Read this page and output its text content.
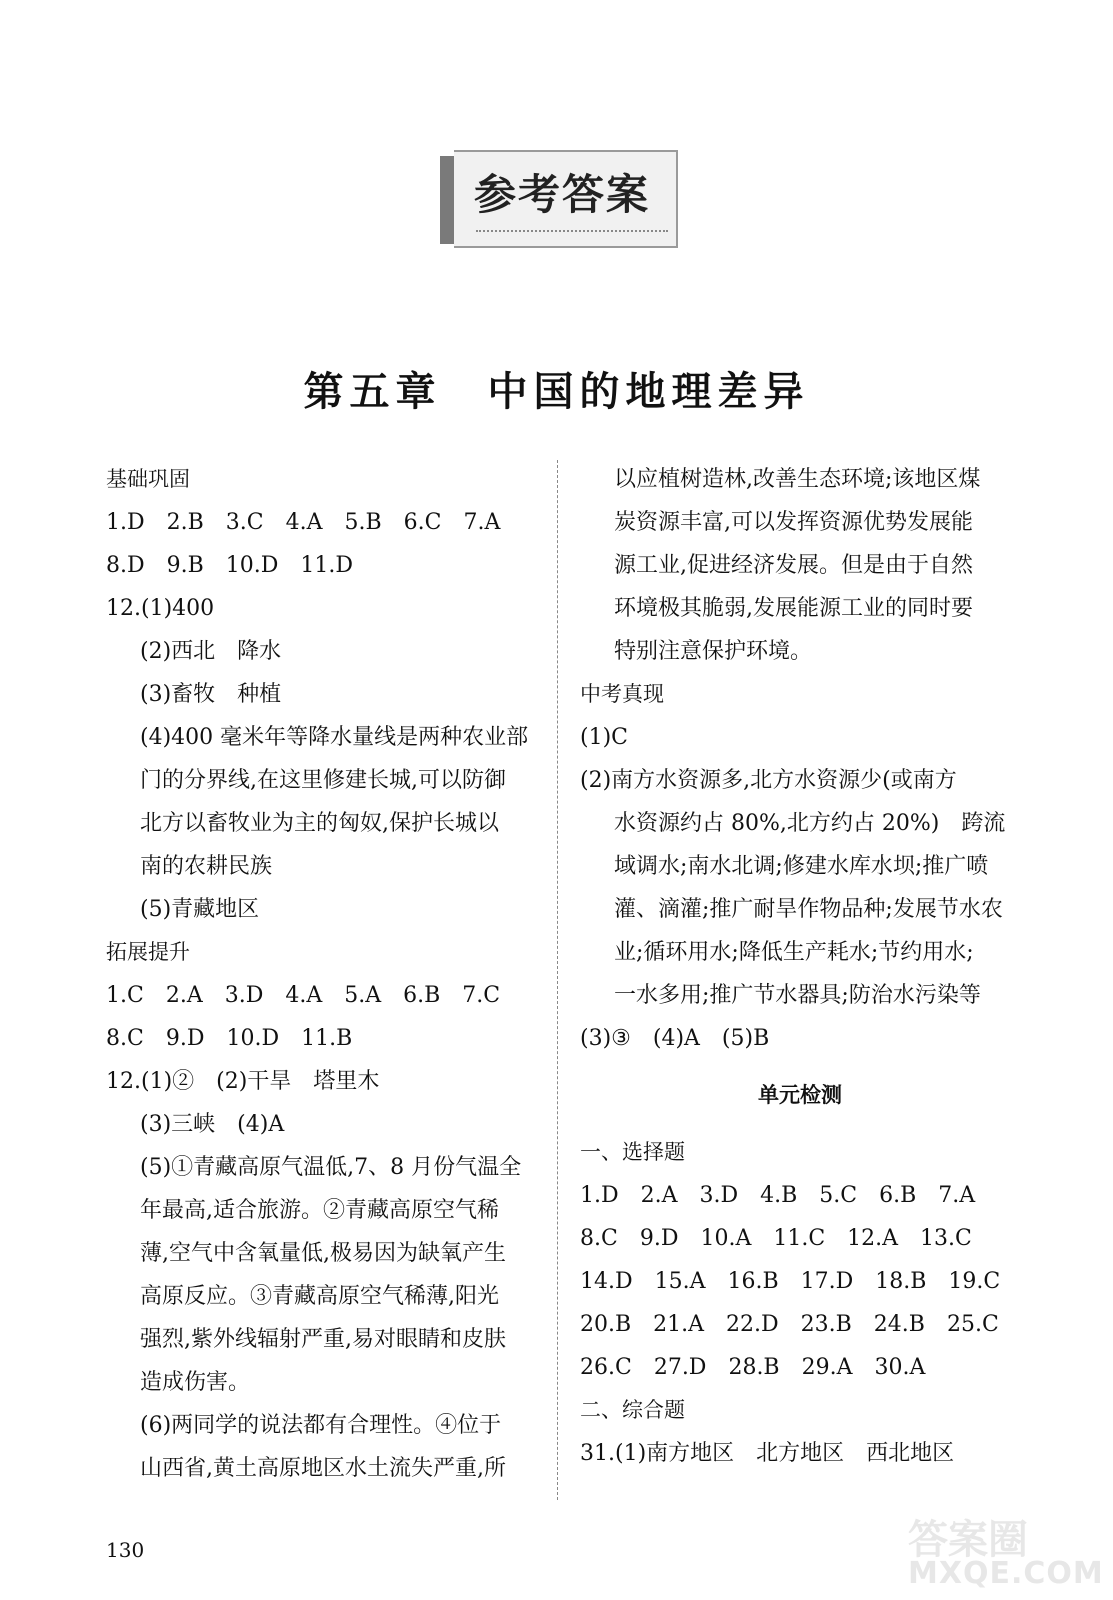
参考答案
第五章　中国的地理差异
基础巩固
1.D　2.B　3.C　4.A　5.B　6.C　7.A
8.D　9.B　10.D　11.D
12.(1)400
(2)西北　降水
(3)畜牧　种植
(4)400 毫米年等降水量线是两种农业部
门的分界线,在这里修建长城,可以防御
北方以畜牧业为主的匈奴,保护长城以
南的农耕民族
(5)青藏地区
拓展提升
1.C　2.A　3.D　4.A　5.A　6.B　7.C
8.C　9.D　10.D　11.B
12.(1)②　(2)干旱　塔里木
(3)三峡　(4)A
(5)①青藏高原气温低,7、8 月份气温全
年最高,适合旅游。②青藏高原空气稀
薄,空气中含氧量低,极易因为缺氧产生
高原反应。③青藏高原空气稀薄,阳光
强烈,紫外线辐射严重,易对眼睛和皮肤
造成伤害。
(6)两同学的说法都有合理性。④位于
山西省,黄土高原地区水土流失严重,所
以应植树造林,改善生态环境;该地区煤
炭资源丰富,可以发挥资源优势发展能
源工业,促进经济发展。但是由于自然
环境极其脆弱,发展能源工业的同时要
特别注意保护环境。
中考真现
(1)C
(2)南方水资源多,北方水资源少(或南方
水资源约占 80%,北方约占 20%)　跨流
域调水;南水北调;修建水库水坝;推广喷
灌、滴灌;推广耐旱作物品种;发展节水农
业;循环用水;降低生产耗水;节约用水;
一水多用;推广节水器具;防治水污染等
(3)③　(4)A　(5)B
单元检测
一、选择题
1.D　2.A　3.D　4.B　5.C　6.B　7.A
8.C　9.D　10.A　11.C　12.A　13.C
14.D　15.A　16.B　17.D　18.B　19.C
20.B　21.A　22.D　23.B　24.B　25.C
26.C　27.D　28.B　29.A　30.A
二、综合题
31.(1)南方地区　北方地区　西北地区
130	答案圈
MXQE.COM
